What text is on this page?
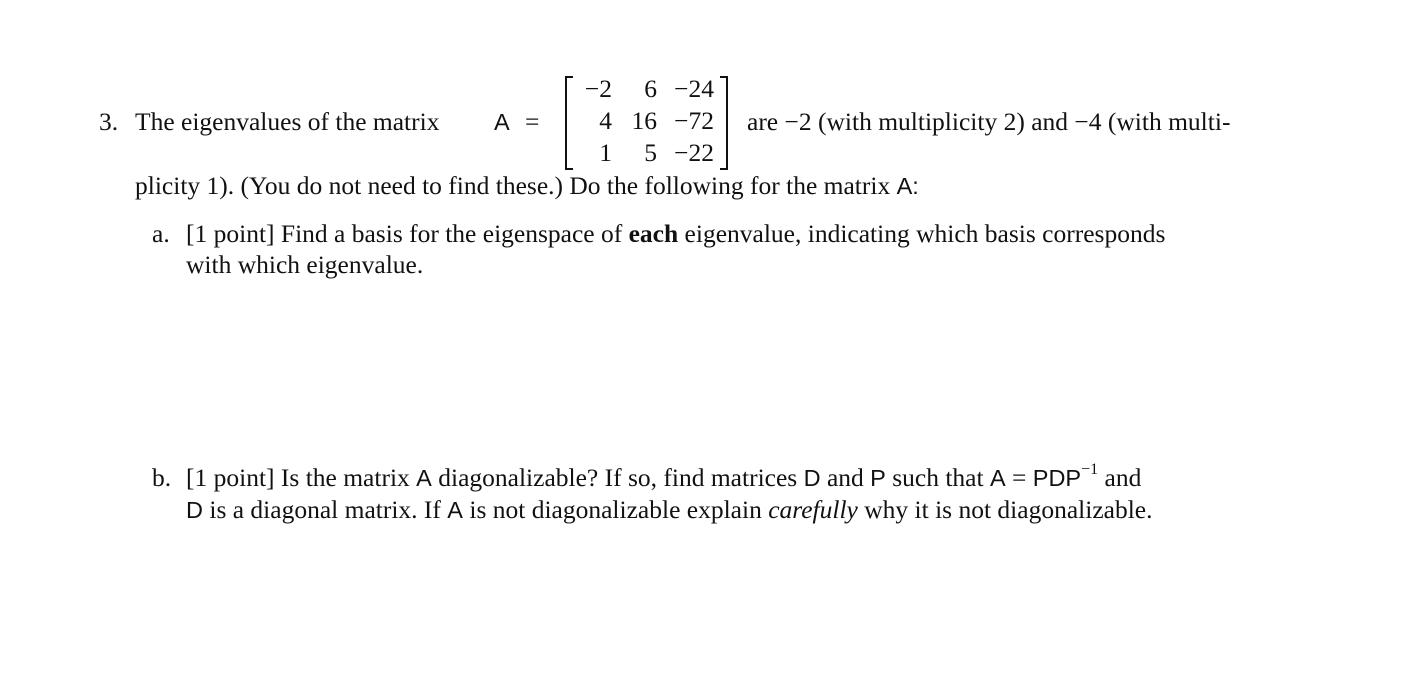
3. The eigenvalues of the matrix A =
−2	6 −24
4 16 −72
1	5 −22
are −2 (with multiplicity 2) and −4 (with multi-
plicity 1). (You do not need to find these.) Do the following for the matrix A:
a. [1 point] Find a basis for the eigenspace of each eigenvalue, indicating which basis corresponds
with which eigenvalue.
b. [1 point] Is the matrix A diagonalizable? If so, find matrices D and P such that $A = PDP^{-1}$ and
D is a diagonal matrix. If A is not diagonalizable explain carefully why it is not diagonalizable.
